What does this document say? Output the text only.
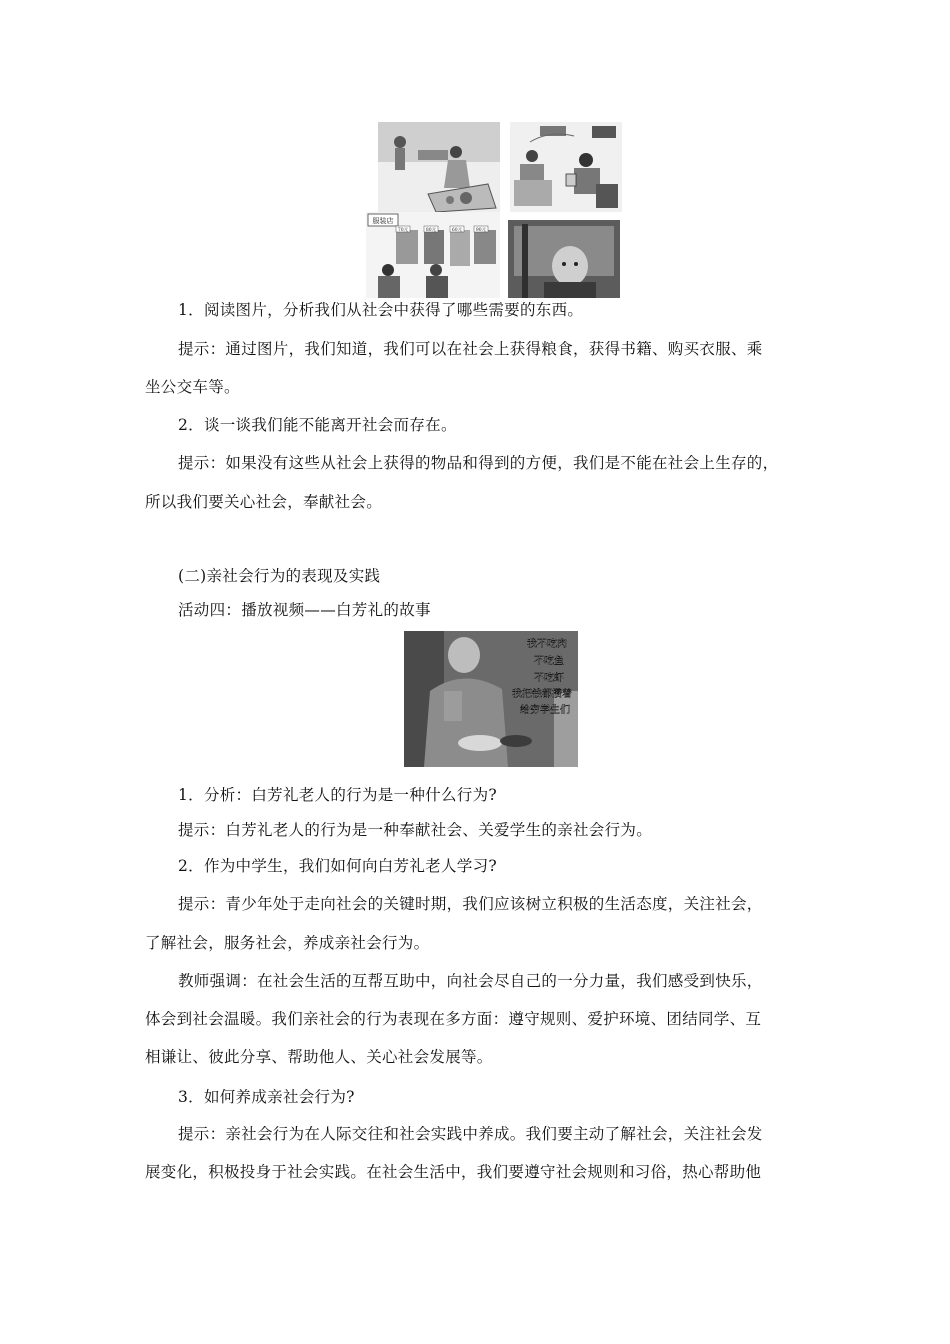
服装店
70元	80元	60元	90元
我不吃肉
不吃鱼
不吃虾
我把钱都攒着
给穷学生们
1．阅读图片，分析我们从社会中获得了哪些需要的东西。
提示：通过图片，我们知道，我们可以在社会上获得粮食，获得书籍、购买衣服、乘
坐公交车等。
2．谈一谈我们能不能离开社会而存在。
提示：如果没有这些从社会上获得的物品和得到的方便，我们是不能在社会上生存的，
所以我们要关心社会，奉献社会。
(二)亲社会行为的表现及实践
活动四：播放视频——白芳礼的故事
1．分析：白芳礼老人的行为是一种什么行为?
提示：白芳礼老人的行为是一种奉献社会、关爱学生的亲社会行为。
2．作为中学生，我们如何向白芳礼老人学习?
提示：青少年处于走向社会的关键时期，我们应该树立积极的生活态度，关注社会，
了解社会，服务社会，养成亲社会行为。
教师强调：在社会生活的互帮互助中，向社会尽自己的一分力量，我们感受到快乐，
体会到社会温暖。我们亲社会的行为表现在多方面：遵守规则、爱护环境、团结同学、互
相谦让、彼此分享、帮助他人、关心社会发展等。
3．如何养成亲社会行为?
提示：亲社会行为在人际交往和社会实践中养成。我们要主动了解社会，关注社会发
展变化，积极投身于社会实践。在社会生活中，我们要遵守社会规则和习俗，热心帮助他
